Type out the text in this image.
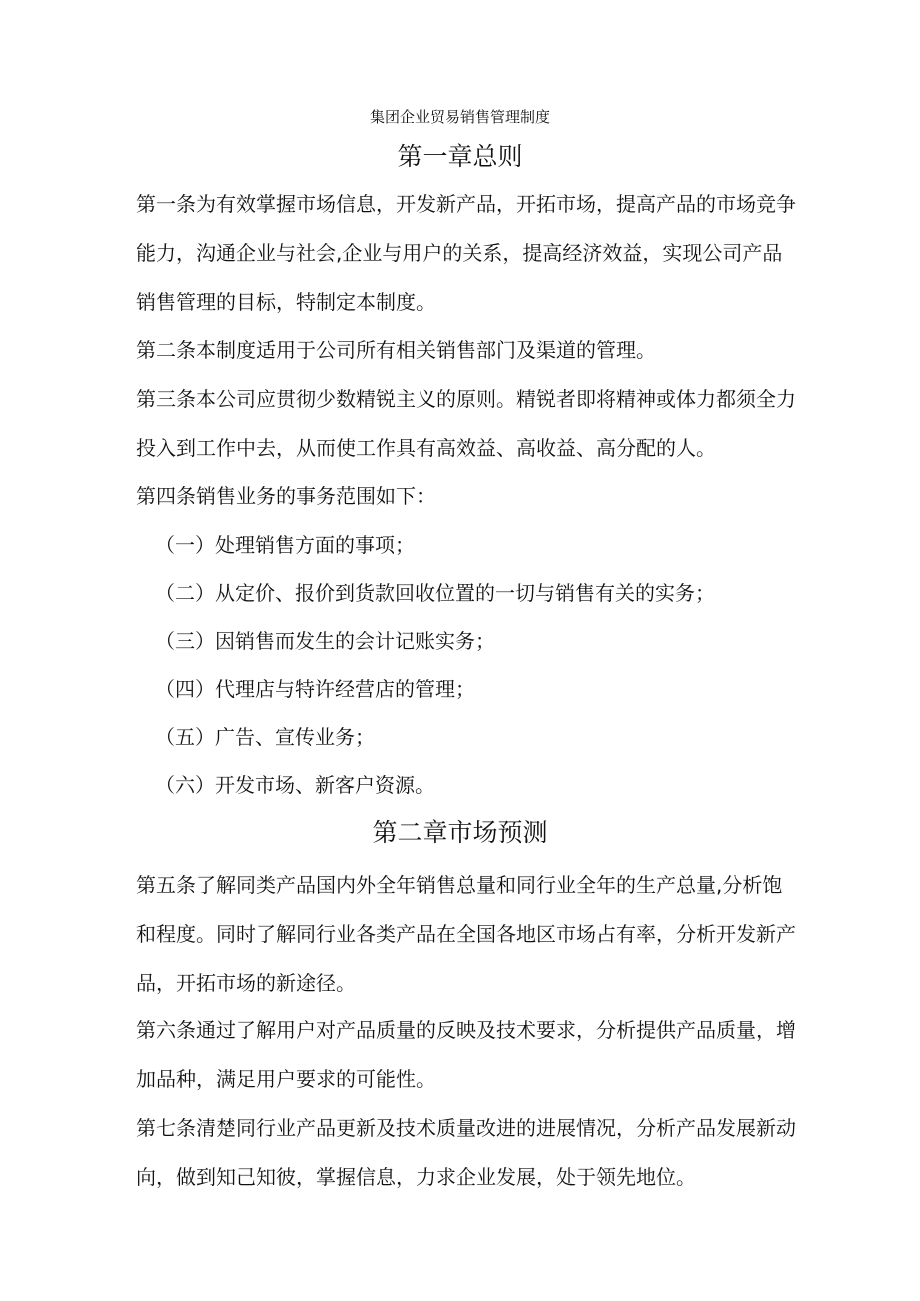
集团企业贸易销售管理制度
第一章总则

第一条为有效掌握市场信息，开发新产品，开拓市场，提高产品的市场竞争能力，沟通企业与社会,企业与用户的关系，提高经济效益，实现公司产品销售管理的目标，特制定本制度。

第二条本制度适用于公司所有相关销售部门及渠道的管理。

第三条本公司应贯彻少数精锐主义的原则。精锐者即将精神或体力都须全力投入到工作中去，从而使工作具有高效益、高收益、高分配的人。

第四条销售业务的事务范围如下：

（一）处理销售方面的事项；

（二）从定价、报价到货款回收位置的一切与销售有关的实务；

（三）因销售而发生的会计记账实务；

（四）代理店与特许经营店的管理；

（五）广告、宣传业务；

（六）开发市场、新客户资源。

第二章市场预测

第五条了解同类产品国内外全年销售总量和同行业全年的生产总量,分析饱和程度。同时了解同行业各类产品在全国各地区市场占有率，分析开发新产品，开拓市场的新途径。

第六条通过了解用户对产品质量的反映及技术要求，分析提供产品质量，增加品种，满足用户要求的可能性。

第七条清楚同行业产品更新及技术质量改进的进展情况，分析产品发展新动向，做到知己知彼，掌握信息，力求企业发展，处于领先地位。
